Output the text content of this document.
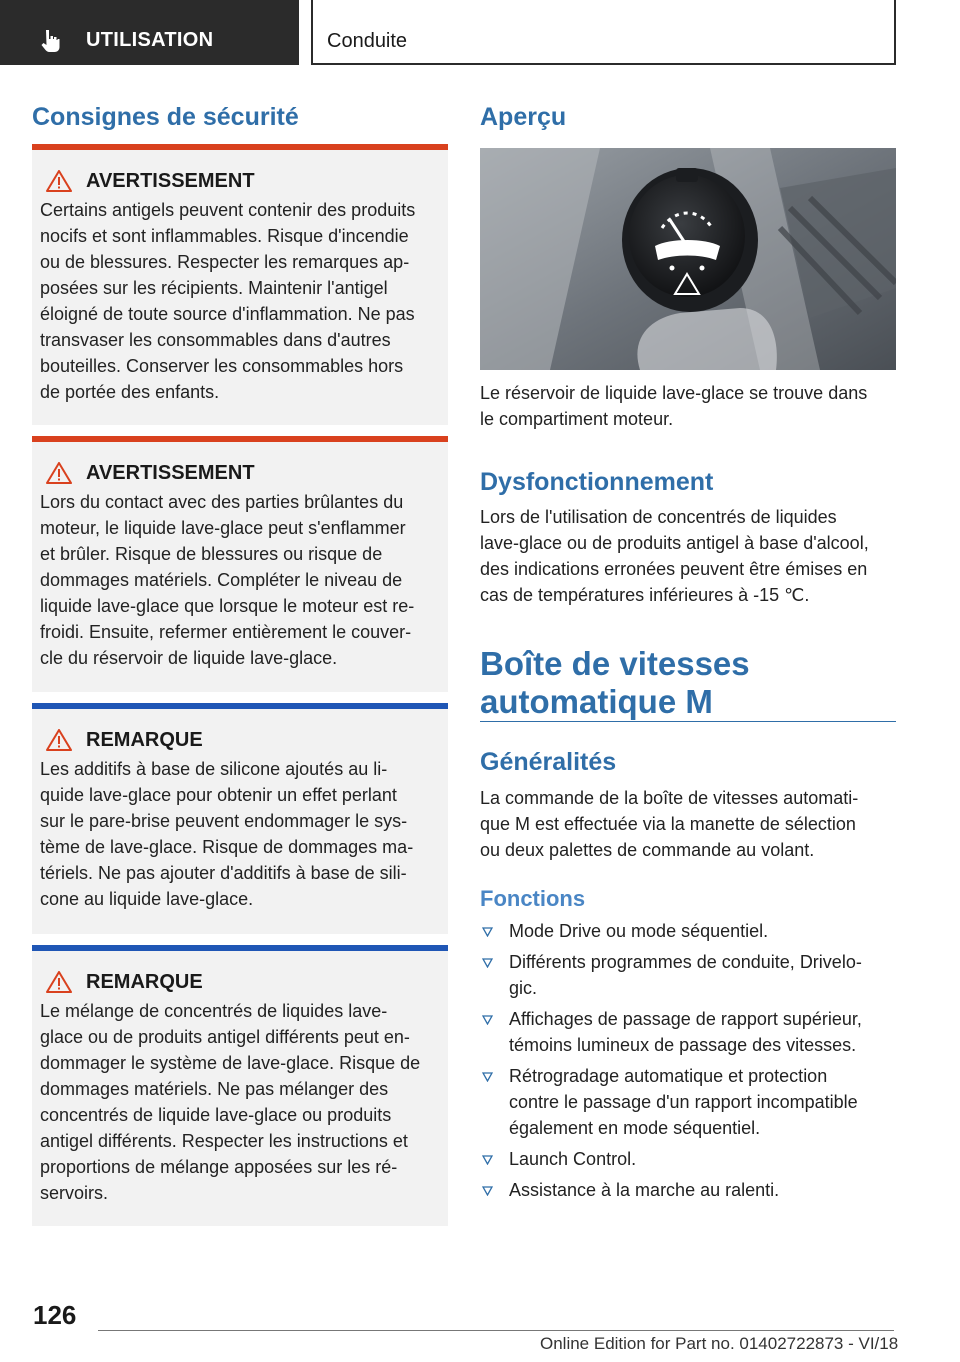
UTILISATION	Conduite
Consignes de sécurité
AVERTISSEMENT
Certains antigels peuvent contenir des produits
nocifs et sont inflammables. Risque d'incendie
ou de blessures. Respecter les remarques ap-
posées sur les récipients. Maintenir l'antigel
éloigné de toute source d'inflammation. Ne pas
transvaser les consommables dans d'autres
bouteilles. Conserver les consommables hors
de portée des enfants.
AVERTISSEMENT
Lors du contact avec des parties brûlantes du
moteur, le liquide lave-glace peut s'enflammer
et brûler. Risque de blessures ou risque de
dommages matériels. Compléter le niveau de
liquide lave-glace que lorsque le moteur est re-
froidi. Ensuite, refermer entièrement le couver-
cle du réservoir de liquide lave-glace.
REMARQUE
Les additifs à base de silicone ajoutés au li-
quide lave-glace pour obtenir un effet perlant
sur le pare-brise peuvent endommager le sys-
tème de lave-glace. Risque de dommages ma-
tériels. Ne pas ajouter d'additifs à base de sili-
cone au liquide lave-glace.
REMARQUE
Le mélange de concentrés de liquides lave-
glace ou de produits antigel différents peut en-
dommager le système de lave-glace. Risque de
dommages matériels. Ne pas mélanger des
concentrés de liquide lave-glace ou produits
antigel différents. Respecter les instructions et
proportions de mélange apposées sur les ré-
servoirs.
Aperçu
Le réservoir de liquide lave-glace se trouve dans
le compartiment moteur.
Dysfonctionnement
Lors de l'utilisation de concentrés de liquides
lave-glace ou de produits antigel à base d'alcool,
des indications erronées peuvent être émises en
cas de températures inférieures à -15 ℃.
Boîte de vitesses
automatique M
Généralités
La commande de la boîte de vitesses automati-
que M est effectuée via la manette de sélection
ou deux palettes de commande au volant.
Fonctions
Mode Drive ou mode séquentiel.
Différents programmes de conduite, Drivelo-
gic.
Affichages de passage de rapport supérieur,
témoins lumineux de passage des vitesses.
Rétrogradage automatique et protection
contre le passage d'un rapport incompatible
également en mode séquentiel.
Launch Control.
Assistance à la marche au ralenti.
126
Online Edition for Part no. 01402722873 - VI/18
